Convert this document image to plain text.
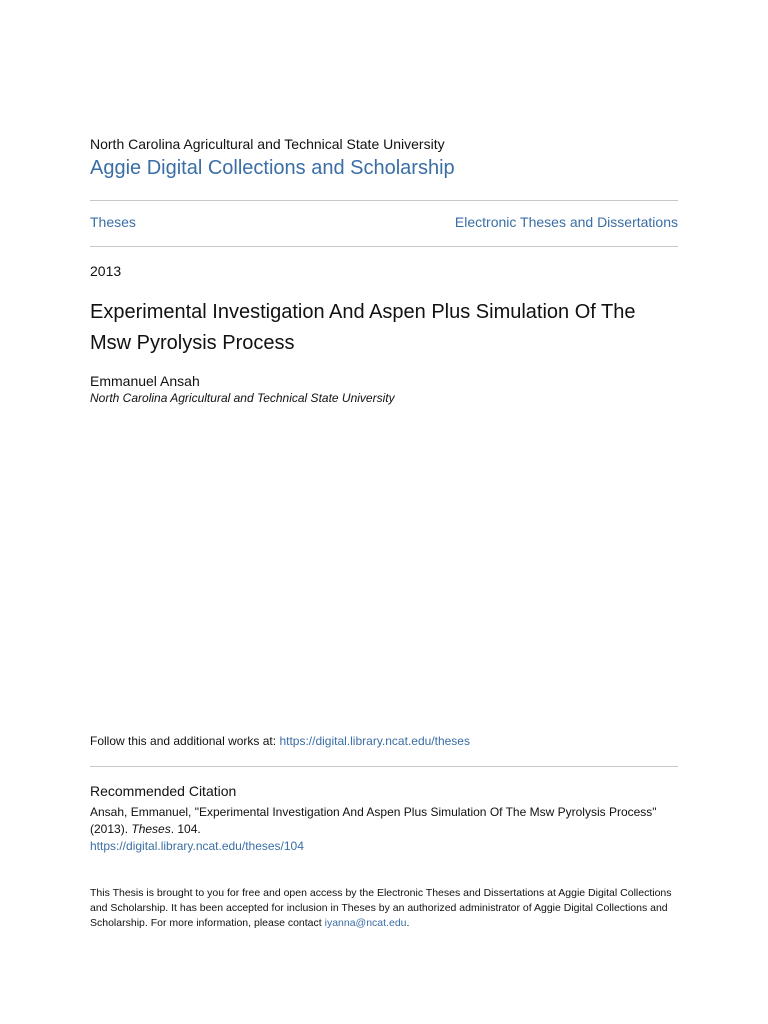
North Carolina Agricultural and Technical State University
Aggie Digital Collections and Scholarship
Theses	Electronic Theses and Dissertations
2013
Experimental Investigation And Aspen Plus Simulation Of The Msw Pyrolysis Process
Emmanuel Ansah
North Carolina Agricultural and Technical State University
Follow this and additional works at: https://digital.library.ncat.edu/theses
Recommended Citation
Ansah, Emmanuel, "Experimental Investigation And Aspen Plus Simulation Of The Msw Pyrolysis Process" (2013). Theses. 104.
https://digital.library.ncat.edu/theses/104
This Thesis is brought to you for free and open access by the Electronic Theses and Dissertations at Aggie Digital Collections and Scholarship. It has been accepted for inclusion in Theses by an authorized administrator of Aggie Digital Collections and Scholarship. For more information, please contact iyanna@ncat.edu.
